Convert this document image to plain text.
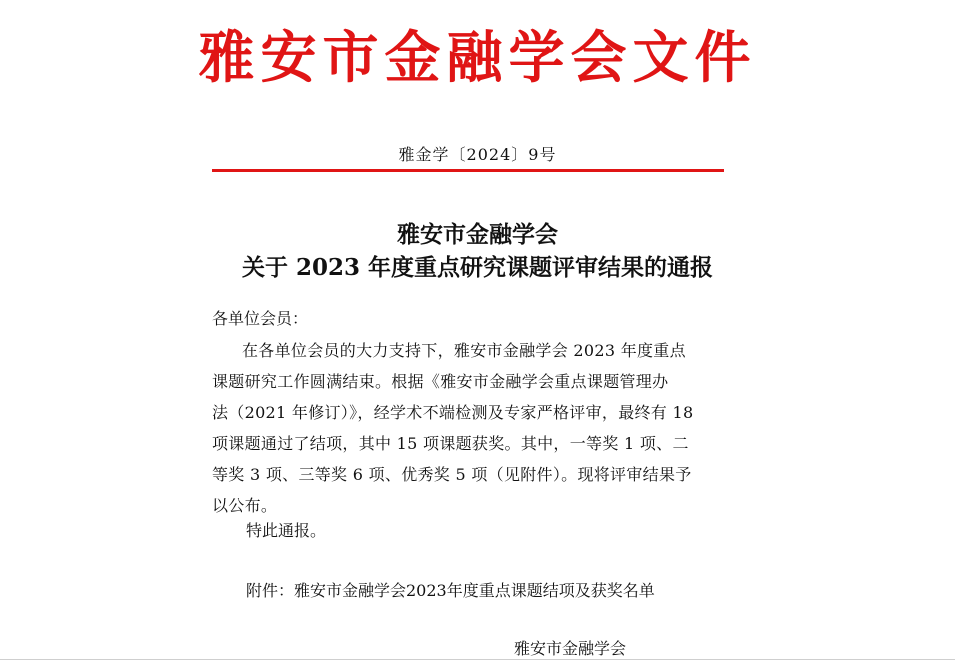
雅安市金融学会文件
雅金学〔2024〕9号
雅安市金融学会
关于 2023 年度重点研究课题评审结果的通报
各单位会员：
在各单位会员的大力支持下，雅安市金融学会 2023 年度重点
课题研究工作圆满结束。根据《雅安市金融学会重点课题管理办
法（2021 年修订）》，经学术不端检测及专家严格评审，最终有 18
项课题通过了结项，其中 15 项课题获奖。其中，一等奖 1 项、二
等奖 3 项、三等奖 6 项、优秀奖 5 项（见附件）。现将评审结果予
以公布。
特此通报。
附件：雅安市金融学会2023年度重点课题结项及获奖名单
雅安市金融学会
